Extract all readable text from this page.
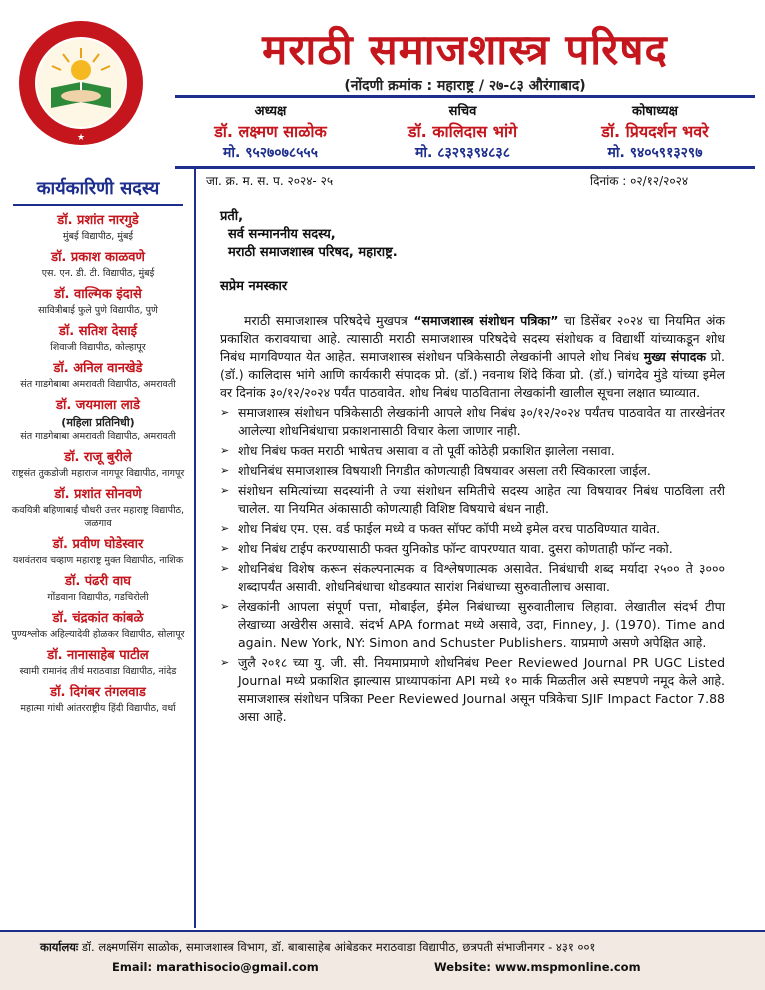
★
मराठी समाजशास्त्र परिषद
(नोंदणी क्रमांक : महाराष्ट्र / २७-८३ औरंगाबाद)
अध्यक्ष
डॉ. लक्ष्मण साळोक
मो. ९५२७०७८५५५
सचिव
डॉ. कालिदास भांगे
मो. ८३२९३९४८३८
कोषाध्यक्ष
डॉ. प्रियदर्शन भवरे
मो. ९४०५९१३२९७
कार्यकारिणी सदस्य
डॉ. प्रशांत नारगुडे
मुंबई विद्यापीठ, मुंबई
डॉ. प्रकाश काळवणे
एस. एन. डी. टी. विद्यापीठ, मुंबई
डॉ. वाल्मिक इंदासे
सावित्रीबाई फुले पुणे विद्यापीठ, पुणे
डॉ. सतिश देसाई
शिवाजी विद्यापीठ, कोल्हापूर
डॉ. अनिल वानखेडे
संत गाडगेबाबा अमरावती विद्यापीठ, अमरावती
डॉ. जयमाला लाडे
(महिला प्रतिनिधी)
संत गाडगेबाबा अमरावती विद्यापीठ, अमरावती
डॉ. राजू बुरीले
राष्ट्रसंत तुकडोजी महाराज नागपूर विद्यापीठ, नागपूर
डॉ. प्रशांत सोनवणे
कवयित्री बहिणाबाई चौधरी उत्तर महाराष्ट्र विद्यापीठ, जळगाव
डॉ. प्रवीण घोडेस्वार
यशवंतराव चव्हाण महाराष्ट्र मुक्त विद्यापीठ, नाशिक
डॉ. पंढरी वाघ
गोंडवाना विद्यापीठ, गडचिरोली
डॉ. चंद्रकांत कांबळे
पुण्यश्लोक अहिल्यादेवी होळकर विद्यापीठ, सोलापूर
डॉ. नानासाहेब पाटील
स्वामी रामानंद तीर्थ मराठवाडा विद्यापीठ, नांदेड
डॉ. दिगंबर तंगलवाड
महात्मा गांधी आंतरराष्ट्रीय हिंदी विद्यापीठ, वर्धा
जा. क्र. म. स. प. २०२४- २५	दिनांक : ०२/१२/२०२४
प्रती,
सर्व सन्माननीय सदस्य,
मराठी समाजशास्त्र परिषद, महाराष्ट्र.
सप्रेम नमस्कार
मराठी समाजशास्त्र परिषदेचे मुखपत्र “समाजशास्त्र संशोधन पत्रिका” चा डिसेंबर २०२४ चा नियमित अंक प्रकाशित करावयाचा आहे. त्यासाठी मराठी समाजशास्त्र परिषदेचे सदस्य संशोधक व विद्यार्थी यांच्याकडून शोध निबंध मागविण्यात येत आहेत. समाजशास्त्र संशोधन पत्रिकेसाठी लेखकांनी आपले शोध निबंध मुख्य संपादक प्रो. (डॉ.) कालिदास भांगे आणि कार्यकारी संपादक प्रो. (डॉ.) नवनाथ शिंदे किंवा प्रो. (डॉ.) चांगदेव मुंडे यांच्या इमेल वर दिनांक ३०/१२/२०२४ पर्यंत पाठवावेत. शोध निबंध पाठविताना लेखकांनी खालील सूचना लक्षात घ्याव्यात.
➢ समाजशास्त्र संशोधन पत्रिकेसाठी लेखकांनी आपले शोध निबंध ३०/१२/२०२४ पर्यंतच पाठवावेत या तारखेनंतर आलेल्या शोधनिबंधाचा प्रकाशनासाठी विचार केला जाणार नाही.
➢ शोध निबंध फक्त मराठी भाषेतच असावा व तो पूर्वी कोठेही प्रकाशित झालेला नसावा.
➢ शोधनिबंध समाजशास्त्र विषयाशी निगडीत कोणत्याही विषयावर असला तरी स्विकारला जाईल.
➢ संशोधन समित्यांच्या सदस्यांनी ते ज्या संशोधन समितीचे सदस्य आहेत त्या विषयावर निबंध पाठविला तरी चालेल. या नियमित अंकासाठी कोणत्याही विशिष्ट विषयाचे बंधन नाही.
➢ शोध निबंध एम. एस. वर्ड फाईल मध्ये व फक्त सॉफ्ट कॉपी मध्ये इमेल वरच पाठविण्यात यावेत.
➢ शोध निबंध टाईप करण्यासाठी फक्त युनिकोड फॉन्ट वापरण्यात यावा. दुसरा कोणताही फॉन्ट नको.
➢ शोधनिबंध विशेष करून संकल्पनात्मक व विश्लेषणात्मक असावेत. निबंधाची शब्द मर्यादा २५०० ते ३००० शब्दापर्यंत असावी. शोधनिबंधाचा थोडक्यात सारांश निबंधाच्या सुरुवातीलाच असावा.
➢ लेखकांनी आपला संपूर्ण पत्ता, मोबाईल, ईमेल निबंधाच्या सुरुवातीलाच लिहावा. लेखातील संदर्भ टीपा लेखाच्या अखेरीस असावे. संदर्भ APA format मध्ये असावे, उदा, Finney, J. (1970). Time and again. New York, NY: Simon and Schuster Publishers. याप्रमाणे असणे अपेक्षित आहे.
➢ जुलै २०१८ च्या यु. जी. सी. नियमाप्रमाणे शोधनिबंध Peer Reviewed Journal PR UGC Listed Journal मध्ये प्रकाशित झाल्यास प्राध्यापकांना API मध्ये १० मार्क मिळतील असे स्पष्टपणे नमूद केले आहे. समाजशास्त्र संशोधन पत्रिका Peer Reviewed Journal असून पत्रिकेचा SJIF Impact Factor 7.88 असा आहे.
कार्यालयः डॉ. लक्ष्मणसिंग साळोक, समाजशास्त्र विभाग, डॉ. बाबासाहेब आंबेडकर मराठवाडा विद्यापीठ, छत्रपती संभाजीनगर - ४३१ ००१
Email: marathisocio@gmail.com	Website: www.mspmonline.com
